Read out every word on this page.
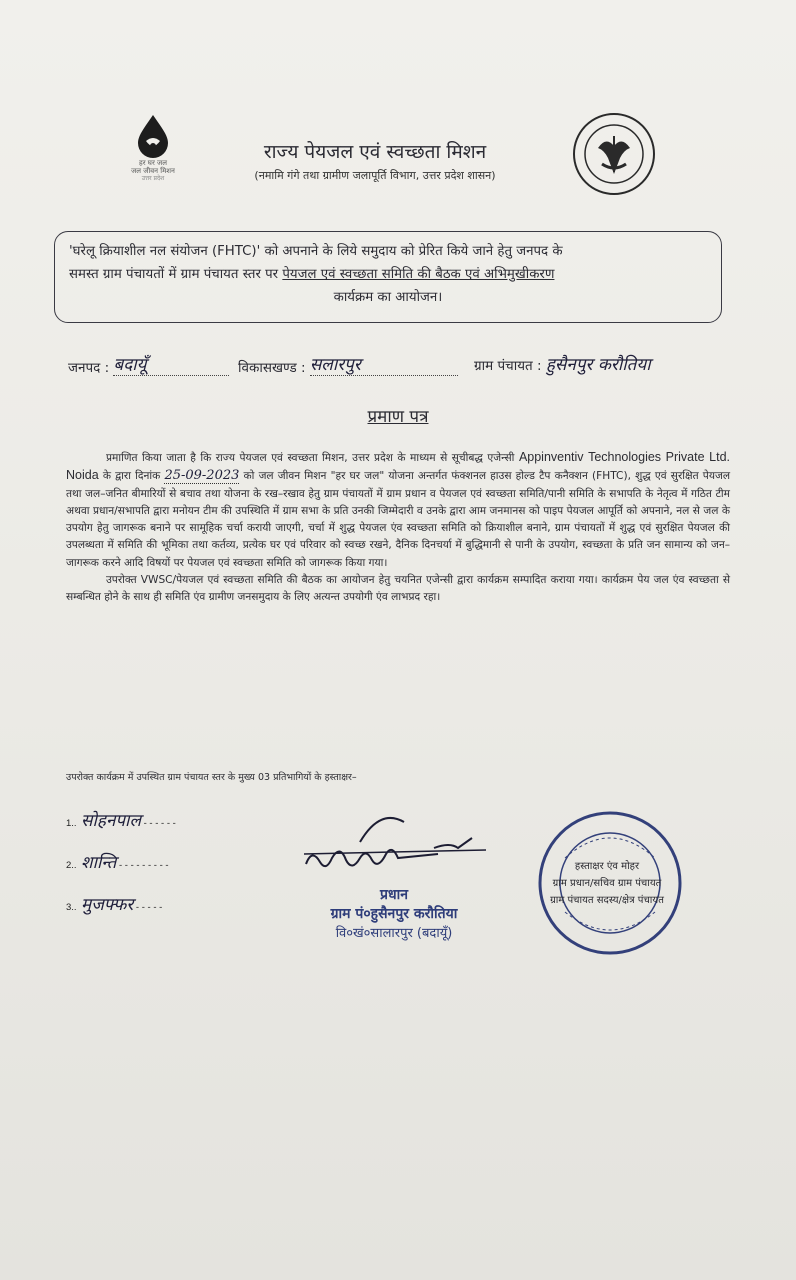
हर घर जल
जल जीवन मिशन
उत्तर प्रदेश
राज्य पेयजल एवं स्वच्छता मिशन
(नमामि गंगे तथा ग्रामीण जलापूर्ति विभाग, उत्तर प्रदेश शासन)
'घरेलू क्रियाशील नल संयोजन (FHTC)' को अपनाने के लिये समुदाय को प्रेरित किये जाने हेतु जनपद के
समस्त ग्राम पंचायतों में ग्राम पंचायत स्तर पर पेयजल एवं स्वच्छता समिति की बैठक एवं अभिमुखीकरण
कार्यक्रम का आयोजन।
जनपद : बदायूँ	विकासखण्ड : सलारपुर	ग्राम पंचायत : हुसैनपुर करौतिया
प्रमाण पत्र

प्रमाणित किया जाता है कि राज्य पेयजल एवं स्वच्छता मिशन, उत्तर प्रदेश के माध्यम से सूचीबद्ध एजेन्सी Appinventiv Technologies Private Ltd. Noida के द्वारा दिनांक 25-09-2023 को जल जीवन मिशन "हर घर जल" योजना अन्तर्गत फंक्शनल हाउस होल्ड टैप कनैक्शन (FHTC), शुद्ध एवं सुरक्षित पेयजल तथा जल–जनित बीमारियों से बचाव तथा योजना के रख–रखाव हेतु ग्राम पंचायतों में ग्राम प्रधान व पेयजल एवं स्वच्छता समिति/पानी समिति के सभापति के नेतृत्व में गठित टीम अथवा प्रधान/सभापति द्वारा मनोयन टीम की उपस्थिति में ग्राम सभा के प्रति उनकी जिम्मेदारी व उनके द्वारा आम जनमानस को पाइप पेयजल आपूर्ति को अपनाने, नल से जल के उपयोग हेतु जागरूक बनाने पर सामूहिक चर्चा करायी जाएगी, चर्चा में शुद्ध पेयजल एंव स्वच्छता समिति को क्रियाशील बनाने, ग्राम पंचायतों में शुद्ध एवं सुरक्षित पेयजल की उपलब्धता में समिति की भूमिका तथा कर्तव्य, प्रत्येक घर एवं परिवार को स्वच्छ रखने, दैनिक दिनचर्या में बुद्धिमानी से पानी के उपयोग, स्वच्छता के प्रति जन सामान्य को जन–जागरूक करने आदि विषयों पर पेयजल एवं स्वच्छता समिति को जागरूक किया गया।

उपरोक्त VWSC/पेयजल एवं स्वच्छता समिति की बैठक का आयोजन हेतु चयनित एजेन्सी द्वारा कार्यक्रम सम्पादित कराया गया। कार्यक्रम पेय जल एंव स्वच्छता से सम्बन्धित होने के साथ ही समिति एंव ग्रामीण जनसमुदाय के लिए अत्यन्त उपयोगी एंव लाभप्रद रहा।

उपरोक्त कार्यक्रम में उपस्थित ग्राम पंचायत स्तर के मुख्य 03 प्रतिभागियों के हस्ताक्षर–
1.. सोहनपाल - - - - - -
2.. शान्ति - - - - - - - - -
3.. मुजफ्फर - - - - -
प्रधान
ग्राम पं०हुसैनपुर करौतिया
वि०खं०सालारपुर (बदायूँ)
हस्ताक्षर एंव मोहर
ग्राम प्रधान/सचिव ग्राम पंचायत
ग्राम पंचायत सदस्य/क्षेत्र पंचायत
